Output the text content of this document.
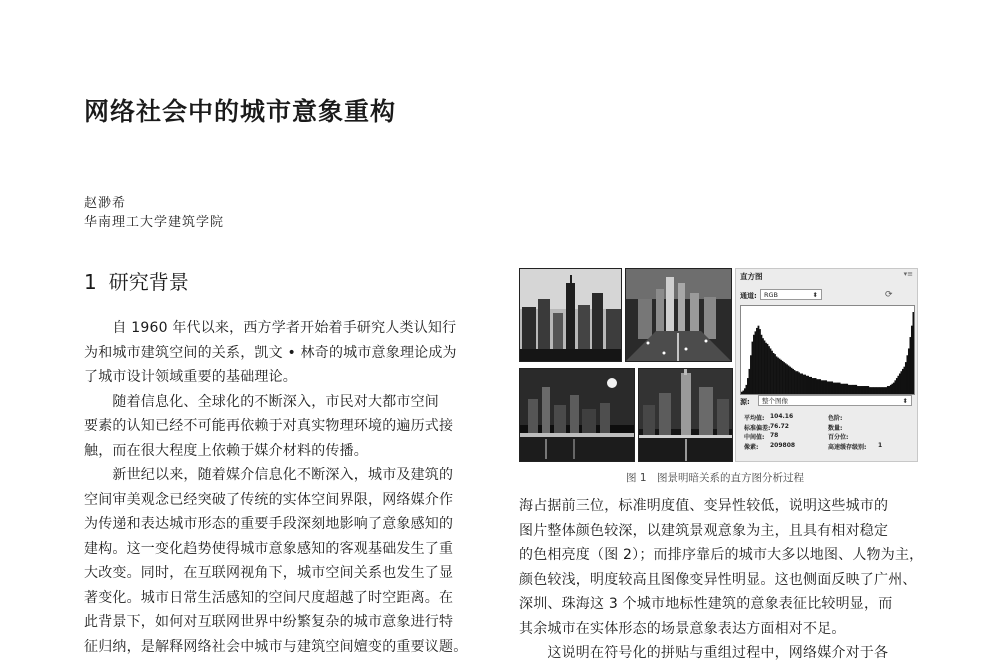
网络社会中的城市意象重构
赵渺希
华南理工大学建筑学院
1 研究背景
　　自 1960 年代以来，西方学者开始着手研究人类认知行
为和城市建筑空间的关系，凯文 • 林奇的城市意象理论成为
了城市设计领域重要的基础理论。
　　随着信息化、全球化的不断深入，市民对大都市空间
要素的认知已经不可能再依赖于对真实物理环境的遍历式接
触，而在很大程度上依赖于媒介材料的传播。
　　新世纪以来，随着媒介信息化不断深入，城市及建筑的
空间审美观念已经突破了传统的实体空间界限，网络媒介作
为传递和表达城市形态的重要手段深刻地影响了意象感知的
建构。这一变化趋势使得城市意象感知的客观基础发生了重
大改变。同时，在互联网视角下，城市空间关系也发生了显
著变化。城市日常生活感知的空间尺度超越了时空距离。在
此背景下，如何对互联网世界中纷繁复杂的城市意象进行特
征归纳，是解释网络社会中城市与建筑空间嬗变的重要议题。
直方图	▾≡
通道:	RGB	⬍	⟳
源:	整个图像	⬍
平均值: 104.16	色阶:
标准偏差: 76.72	数量:
中间值: 78	百分位:
像素: 209808	高速缓存级别: 1
图 1　图景明暗关系的直方图分析过程
海占据前三位，标准明度值、变异性较低，说明这些城市的
图片整体颜色较深，以建筑景观意象为主，且具有相对稳定
的色相亮度（图 2）；而排序靠后的城市大多以地图、人物为主，
颜色较浅，明度较高且图像变异性明显。这也侧面反映了广州、
深圳、珠海这 3 个城市地标性建筑的意象表征比较明显，而
其余城市在实体形态的场景意象表达方面相对不足。
　　这说明在符号化的拼贴与重组过程中，网络媒介对于各
